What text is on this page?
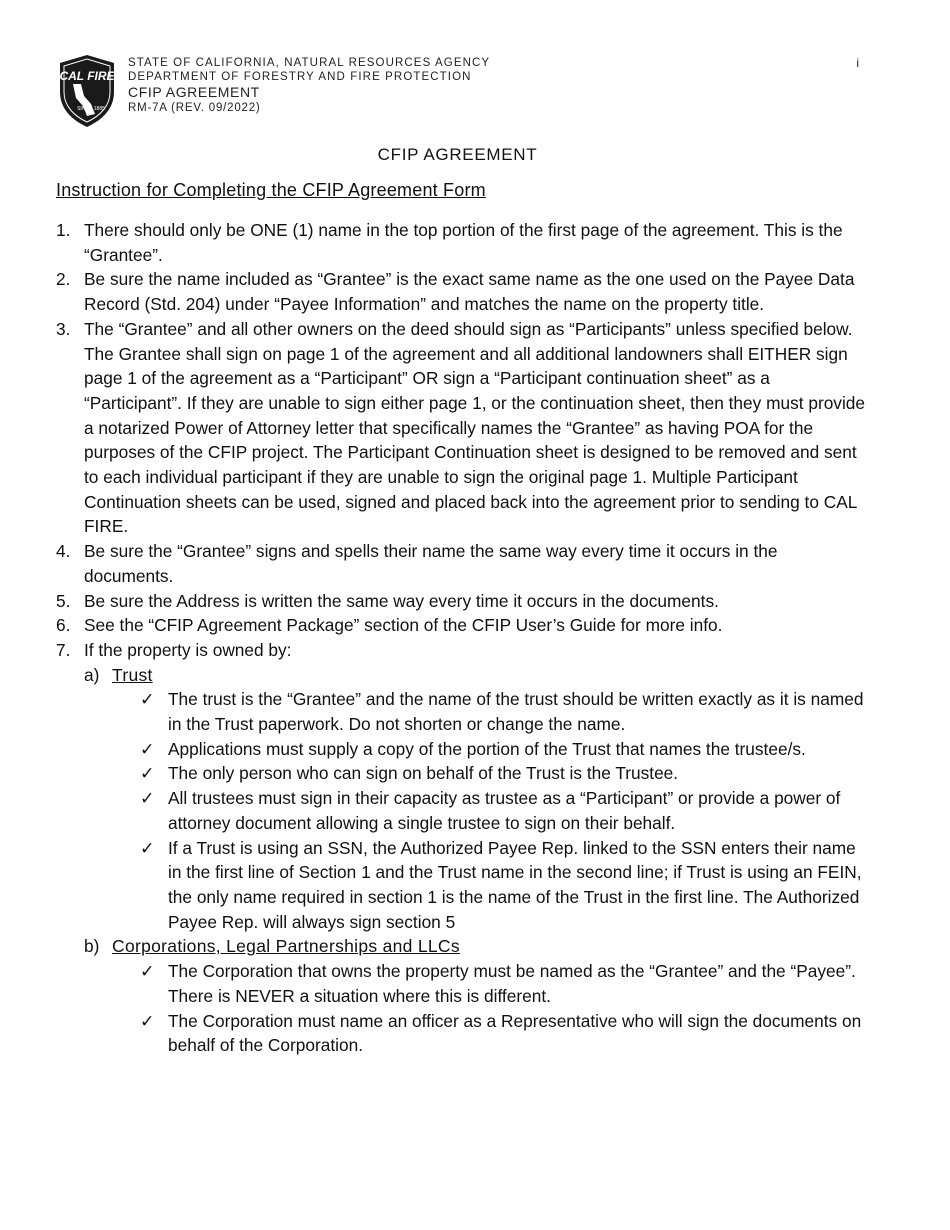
CAL FIRE
SINCE 1885
STATE OF CALIFORNIA, NATURAL RESOURCES AGENCY
DEPARTMENT OF FORESTRY AND FIRE PROTECTION
CFIP AGREEMENT
RM-7A (REV. 09/2022)
i
CFIP AGREEMENT
Instruction for Completing the CFIP Agreement Form
1. There should only be ONE (1) name in the top portion of the first page of the agreement. This is the “Grantee”.
2. Be sure the name included as “Grantee” is the exact same name as the one used on the Payee Data Record (Std. 204) under “Payee Information” and matches the name on the property title.
3. The “Grantee” and all other owners on the deed should sign as “Participants” unless specified below. The Grantee shall sign on page 1 of the agreement and all additional landowners shall EITHER sign page 1 of the agreement as a “Participant” OR sign a “Participant continuation sheet” as a “Participant”. If they are unable to sign either page 1, or the continuation sheet, then they must provide a notarized Power of Attorney letter that specifically names the “Grantee” as having POA for the purposes of the CFIP project. The Participant Continuation sheet is designed to be removed and sent to each individual participant if they are unable to sign the original page 1. Multiple Participant Continuation sheets can be used, signed and placed back into the agreement prior to sending to CAL FIRE.
4. Be sure the “Grantee” signs and spells their name the same way every time it occurs in the documents.
5. Be sure the Address is written the same way every time it occurs in the documents.
6. See the “CFIP Agreement Package” section of the CFIP User’s Guide for more info.
7. If the property is owned by:
a) Trust
✓ The trust is the “Grantee” and the name of the trust should be written exactly as it is named in the Trust paperwork. Do not shorten or change the name.
✓ Applications must supply a copy of the portion of the Trust that names the trustee/s.
✓ The only person who can sign on behalf of the Trust is the Trustee.
✓ All trustees must sign in their capacity as trustee as a “Participant” or provide a power of attorney document allowing a single trustee to sign on their behalf.
✓ If a Trust is using an SSN, the Authorized Payee Rep. linked to the SSN enters their name in the first line of Section 1 and the Trust name in the second line; if Trust is using an FEIN, the only name required in section 1 is the name of the Trust in the first line. The Authorized Payee Rep. will always sign section 5
b) Corporations, Legal Partnerships and LLCs
✓ The Corporation that owns the property must be named as the “Grantee” and the “Payee”. There is NEVER a situation where this is different.
✓ The Corporation must name an officer as a Representative who will sign the documents on behalf of the Corporation.
